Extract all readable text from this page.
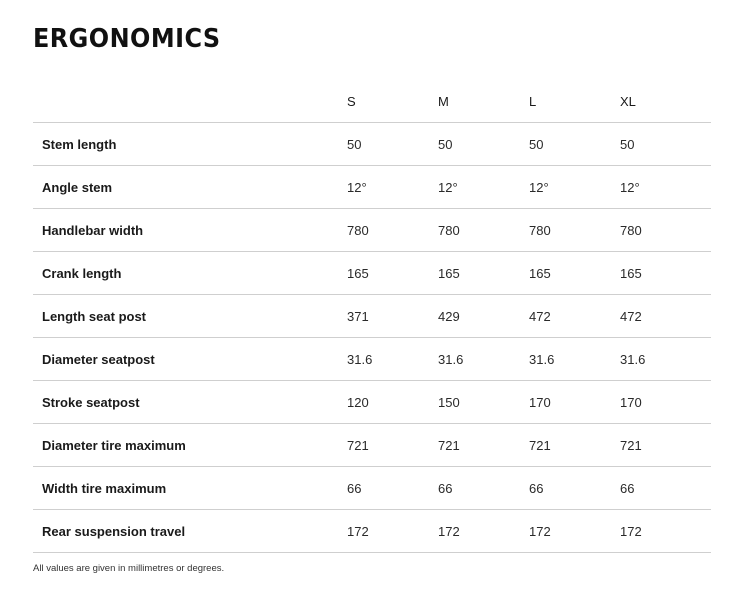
ERGONOMICS
	S	M	L	XL
Stem length	50	50	50	50
Angle stem	12°	12°	12°	12°
Handlebar width	780	780	780	780
Crank length	165	165	165	165
Length seat post	371	429	472	472
Diameter seatpost	31.6	31.6	31.6	31.6
Stroke seatpost	120	150	170	170
Diameter tire maximum	721	721	721	721
Width tire maximum	66	66	66	66
Rear suspension travel	172	172	172	172

All values are given in millimetres or degrees.
